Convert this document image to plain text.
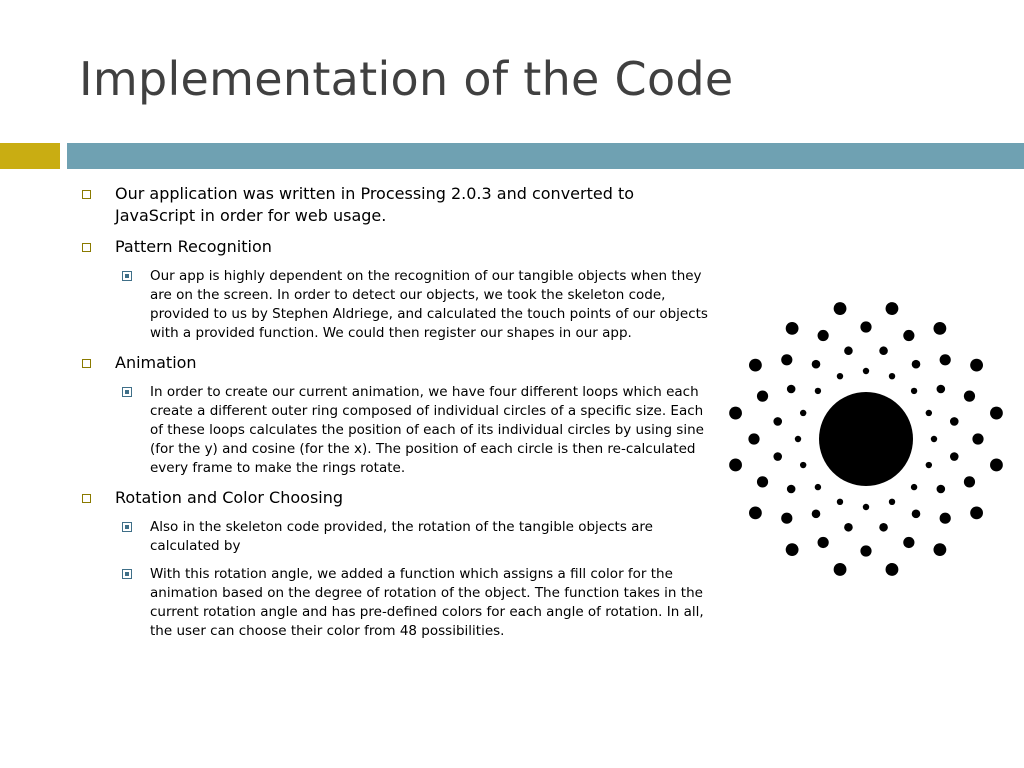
Implementation of the Code
Our application was written in Processing 2.0.3 and converted to JavaScript in order for web usage.
Pattern Recognition
Our app is highly dependent on the recognition of our tangible objects when they are on the screen. In order to detect our objects, we took the skeleton code, provided to us by Stephen Aldriege, and calculated the touch points of our objects with a provided function. We could then register our shapes in our app.
Animation
In order to create our current animation, we have four different loops which each create a different outer ring composed of individual circles of a specific size. Each of these loops calculates the position of each of its individual circles by using sine (for the y) and cosine (for the x). The position of each circle is then re-calculated every frame to make the rings rotate.
Rotation and Color Choosing
Also in the skeleton code provided, the rotation of the tangible objects are calculated by
With this rotation angle, we added a function which assigns a fill color for the animation based on the degree of rotation of the object. The function takes in the current rotation angle and has pre-defined colors for each angle of rotation. In all, the user can choose their color from 48 possibilities.
